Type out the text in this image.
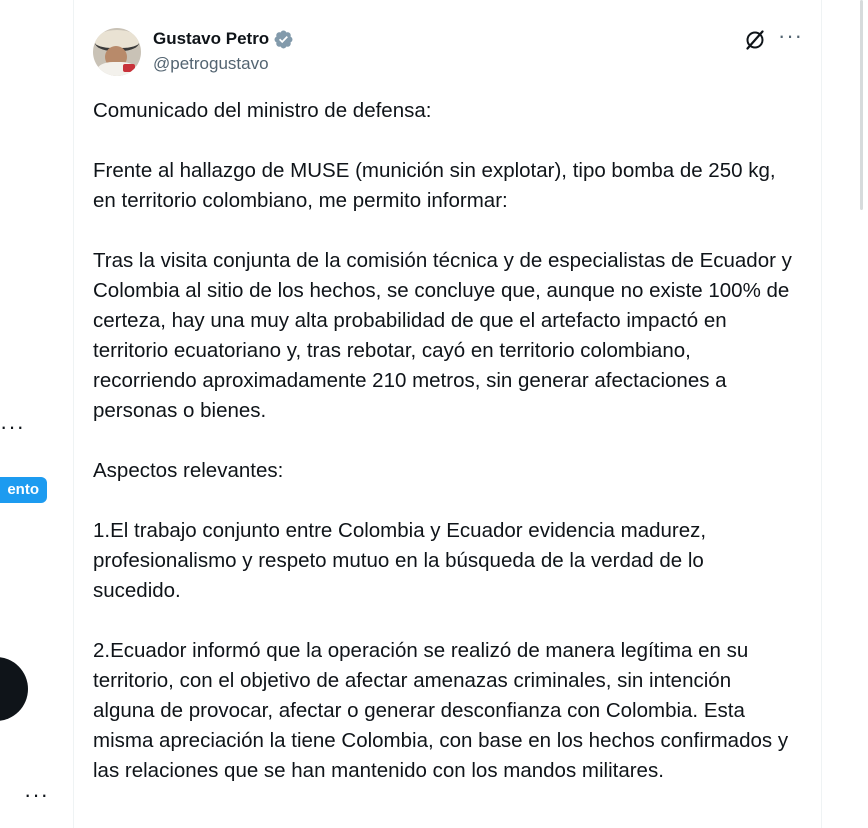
···
ento
···
Gustavo Petro
@petrogustavo
···
Comunicado del ministro de defensa:

Frente al hallazgo de MUSE (munición sin explotar), tipo bomba de 250 kg, en territorio colombiano, me permito informar:

Tras la visita conjunta de la comisión técnica y de especialistas de Ecuador y Colombia al sitio de los hechos, se concluye que, aunque no existe 100% de certeza, hay una muy alta probabilidad de que el artefacto impactó en territorio ecuatoriano y, tras rebotar, cayó en territorio colombiano, recorriendo aproximadamente 210 metros, sin generar afectaciones a personas o bienes.

Aspectos relevantes:

1.El trabajo conjunto entre Colombia y Ecuador evidencia madurez, profesionalismo y respeto mutuo en la búsqueda de la verdad de lo sucedido.

2.Ecuador informó que la operación se realizó de manera legítima en su territorio, con el objetivo de afectar amenazas criminales, sin intención alguna de provocar, afectar o generar desconfianza con Colombia. Esta misma apreciación la tiene Colombia, con base en los hechos confirmados y las relaciones que se han mantenido con los mandos militares.
